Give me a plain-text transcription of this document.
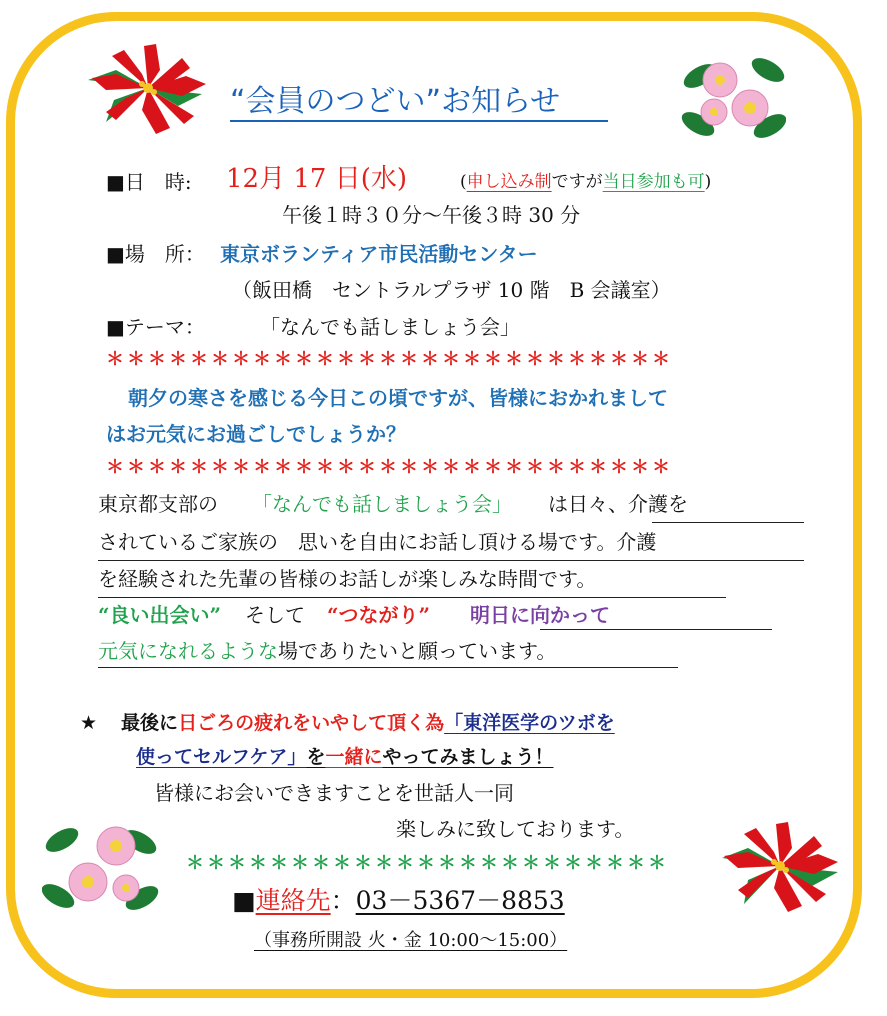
“会員のつどい”お知らせ
■日　時: 12月 17 日(水)	(申し込み制ですが当日参加も可)
午後１時３０分～午後３時 30 分
■場　所： 東京ボランティア市民活動センター
（飯田橋　セントラルプラザ 10 階　B 会議室）
■テーマ：	「なんでも話しましょう会」
＊＊＊＊＊＊＊＊＊＊＊＊＊＊＊＊＊＊＊＊＊＊＊＊＊＊＊
朝夕の寒さを感じる今日この頃ですが、皆様におかれまして
はお元気にお過ごしでしょうか？
＊＊＊＊＊＊＊＊＊＊＊＊＊＊＊＊＊＊＊＊＊＊＊＊＊＊＊
東京都支部の 「なんでも話しましょう会」 は日々、介護を
されているご家族の　思いを自由にお話し頂ける場です。介護
を経験された先輩の皆様のお話しが楽しみな時間です。
“良い出会い” そして “つながり” 明日に向かって
元気になれるような場でありたいと願っています。
★ 最後に日ごろの疲れをいやして頂く為「東洋医学のツボを
使ってセルフケア」を一緒にやってみましょう！
皆様にお会いできますことを世話人一同
楽しみに致しております。
＊＊＊＊＊＊＊＊＊＊＊＊＊＊＊＊＊＊＊＊＊＊＊
■連絡先：03－5367－8853
（事務所開設 火・金 10:00～15:00）
